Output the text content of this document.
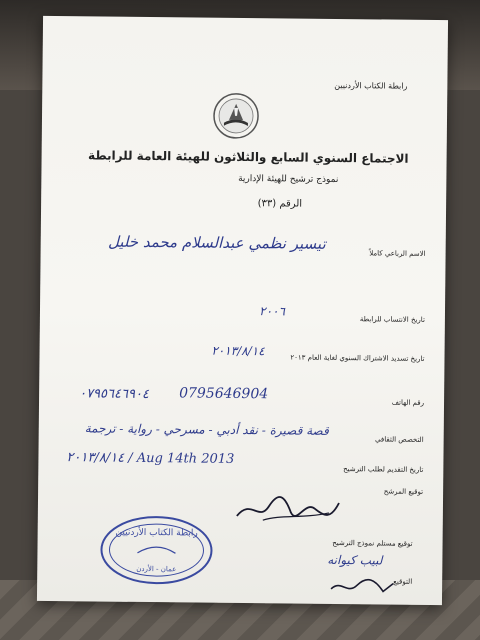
رابطة الكتاب الأردنيين
الاجتماع السنوي السابع والثلاثون للهيئة العامة للرابطة
نموذج ترشيح للهيئة الإدارية
الرقم (٣٣)
الاسم الرباعي كاملاً
تيسير نظمي عبدالسلام محمد خليل
تاريخ الانتساب للرابطة
٢٠٠٦
تاريخ تسديد الاشتراك السنوي لغاية العام ٢٠١٣
٢٠١٣/٨/١٤
رقم الهاتف
0795646904
٠٧٩٥٦٤٦٩٠٤
التخصص الثقافي
قصة قصيرة - نقد أدبي - مسرحي - رواية - ترجمة
تاريخ التقديم لطلب الترشيح
Aug 14th 2013 / ٢٠١٣/٨/١٤
توقيع المرشح
رابطة الكتاب الأردنيين
عمان - الأردن
توقيع مستلم نموذج الترشيح
لبيب كيوانه
التوقيع
